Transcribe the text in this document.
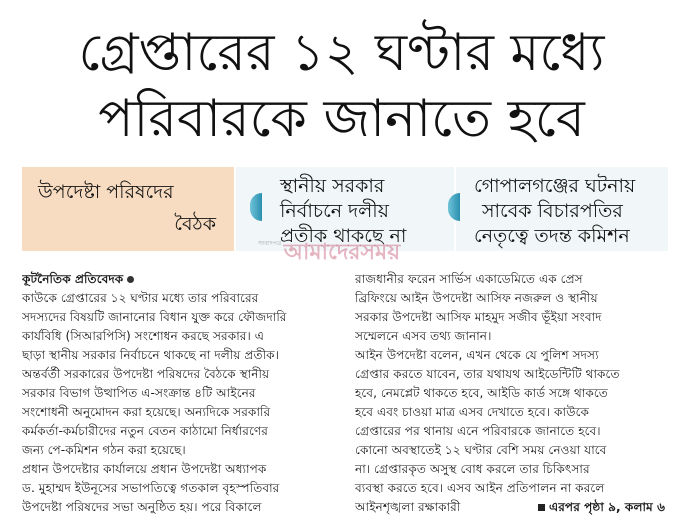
গ্রেপ্তারের ১২ ঘণ্টার মধ্যে
পরিবারকে জানাতে হবে
উপদেষ্টা পরিষদের
বৈঠক
স্থানীয় সরকার
নির্বাচনে দলীয়
প্রতীক থাকছে না
গোপালগঞ্জের ঘটনায়
সাবেক বিচারপতির
নেতৃত্বে তদন্ত কমিশন
সংবাদপত্র আমাদেরসময়
কূটনৈতিক প্রতিবেদক
কাউকে গ্রেপ্তারের ১২ ঘণ্টার মধ্যে তার পরিবারের
সদস্যদের বিষয়টি জানানোর বিধান যুক্ত করে ফৌজদারি
কার্যবিধি (সিআরপিসি) সংশোধন করছে সরকার। এ
ছাড়া স্থানীয় সরকার নির্বাচনে থাকছে না দলীয় প্রতীক।
অন্তর্বর্তী সরকারের উপদেষ্টা পরিষদের বৈঠকে স্থানীয়
সরকার বিভাগ উত্থাপিত এ-সংক্রান্ত ৪টি আইনের
সংশোধনী অনুমোদন করা হয়েছে। অন্যদিকে সরকারি
কর্মকর্তা-কর্মচারীদের নতুন বেতন কাঠামো নির্ধারণের
জন্য পে-কমিশন গঠন করা হয়েছে।
প্রধান উপদেষ্টার কার্যালয়ে প্রধান উপদেষ্টা অধ্যাপক
ড. মুহাম্মদ ইউনূসের সভাপতিত্বে গতকাল বৃহস্পতিবার
উপদেষ্টা পরিষদের সভা অনুষ্ঠিত হয়। পরে বিকালে
রাজধানীর ফরেন সার্ভিস একাডেমিতে এক প্রেস
ব্রিফিংয়ে আইন উপদেষ্টা আসিফ নজরুল ও স্থানীয়
সরকার উপদেষ্টা আসিফ মাহমুদ সজীব ভূঁইয়া সংবাদ
সম্মেলনে এসব তথ্য জানান।
আইন উপদেষ্টা বলেন, এখন থেকে যে পুলিশ সদস্য
গ্রেপ্তার করতে যাবেন, তার যথাযথ আইডেন্টিটি থাকতে
হবে, নেমপ্লেট থাকতে হবে, আইডি কার্ড সঙ্গে থাকতে
হবে এবং চাওয়া মাত্র এসব দেখাতে হবে। কাউকে
গ্রেপ্তারের পর থানায় এনে পরিবারকে জানাতে হবে।
কোনো অবস্থাতেই ১২ ঘণ্টার বেশি সময় নেওয়া যাবে
না। গ্রেপ্তারকৃত অসুস্থ বোধ করলে তার চিকিৎসার
ব্যবস্থা করতে হবে। এসব আইন প্রতিপালন না করলে
আইনশৃঙ্খলা রক্ষাকারী	এরপর পৃষ্ঠা ৯, কলাম ৬
